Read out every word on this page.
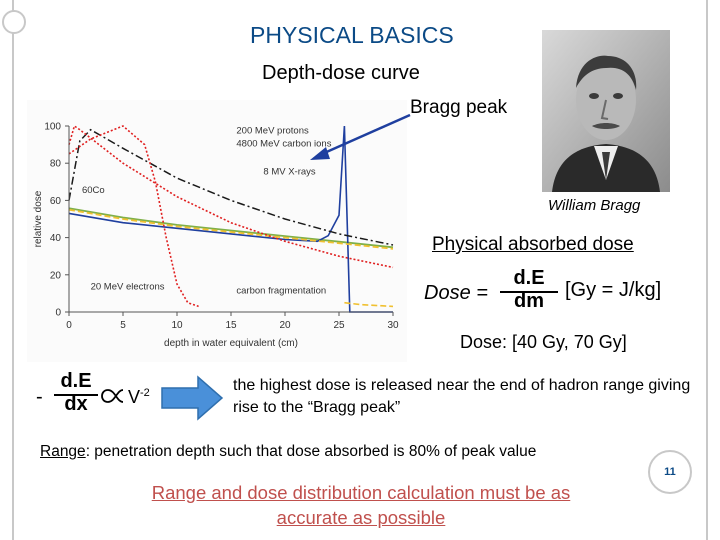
PHYSICAL BASICS
Depth-dose curve
Bragg peak
0	5	10	15	20	25	30
0
20
40
60
80
100
depth in water equivalent (cm)
relative dose
200 MeV protons
4800 MeV carbon ions
8 MV X-rays
60Co
20 MeV electrons	carbon fragmentation
William Bragg
Physical absorbed dose
Dose =
d.E
dm	[Gy = J/kg]
Dose: [40 Gy, 70 Gy]
-
d.E
dx	$V^{-2}$	the highest dose is released near the end of hadron range giving rise to the “Bragg peak”
Range: penetration depth such that dose absorbed is 80% of peak value
Range and dose distribution calculation must be as accurate as possible
11
